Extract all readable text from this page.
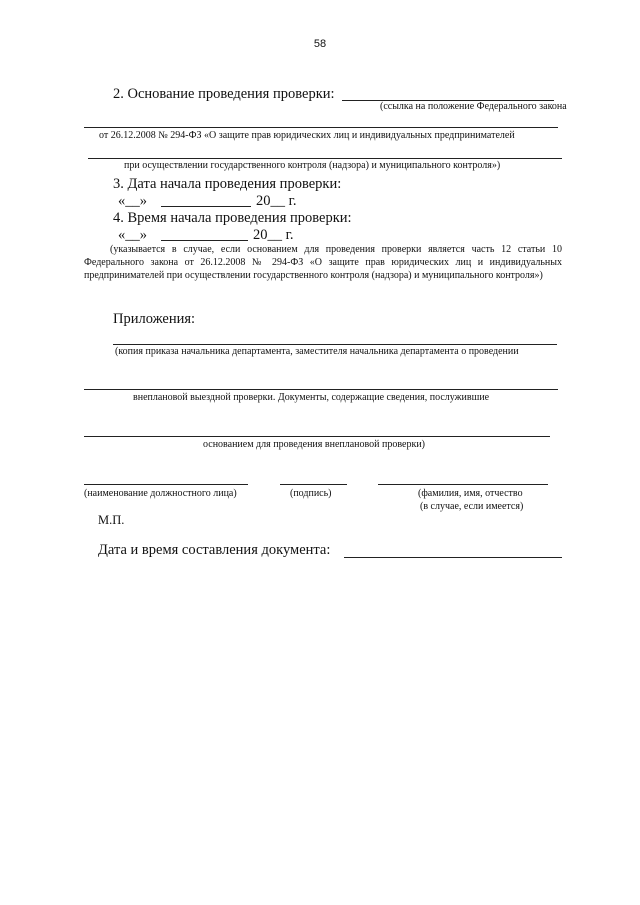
58
2. Основание проведения проверки:
(ссылка на положение Федерального закона
от 26.12.2008 № 294-ФЗ «О защите прав юридических лиц и индивидуальных предпринимателей
при осуществлении государственного контроля (надзора) и муниципального контроля»)
3. Дата начала проведения проверки:
«__»	20__ г.
4. Время начала проведения проверки:
«__»	20__ г.
(указывается в случае, если основанием для проведения проверки является часть 12 статьи 10 Федерального закона от 26.12.2008 № 294-ФЗ «О защите прав юридических лиц и индивидуальных предпринимателей при осуществлении государственного контроля (надзора) и муниципального контроля»)
Приложения:
(копия приказа начальника департамента, заместителя начальника департамента о проведении
внеплановой выездной проверки. Документы, содержащие сведения, послужившие
основанием для проведения внеплановой проверки)
(наименование должностного лица)	(подпись)	(фамилия, имя, отчество
(в случае, если имеется)
М.П.
Дата и время составления документа:
